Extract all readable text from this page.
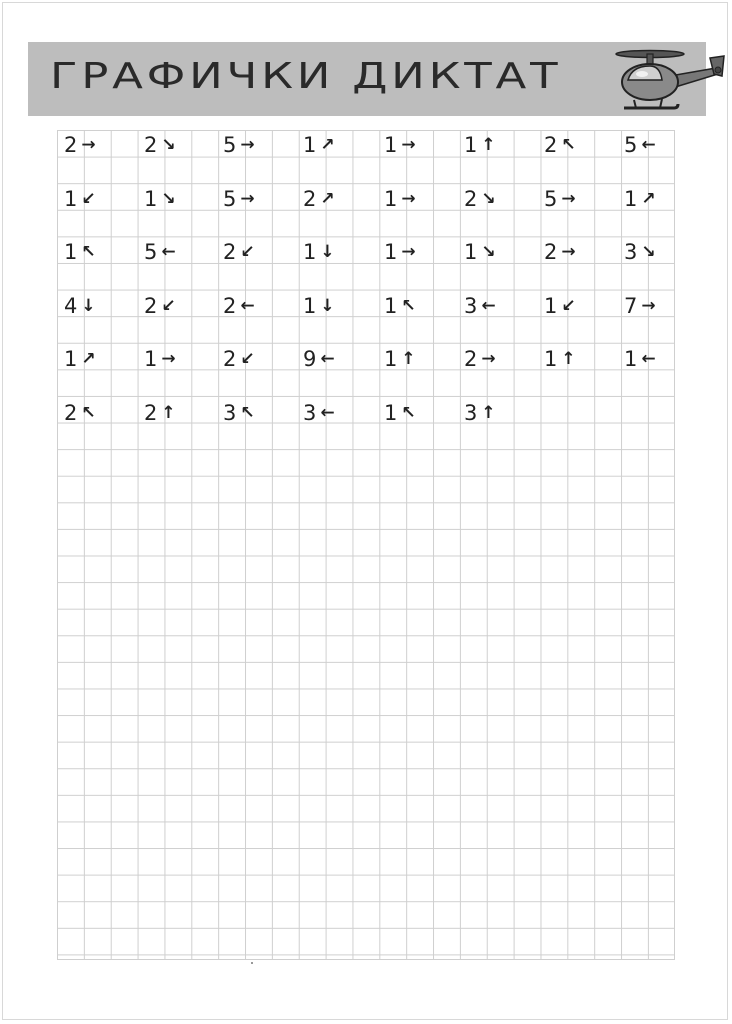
ГРАФИЧКИ ДИКТАТ
2 → 2 ↘ 5 → 1 ↗ 1 → 1 ↑ 2 ↖ 5 ←
1 ↙ 1 ↘ 5 → 2 ↗ 1 → 2 ↘ 5 → 1 ↗
1 ↖ 5 ← 2 ↙ 1 ↓ 1 → 1 ↘ 2 → 3 ↘
4 ↓ 2 ↙ 2 ← 1 ↓ 1 ↖ 3 ← 1 ↙ 7 →
1 ↗ 1 → 2 ↙ 9 ← 1 ↑ 2 → 1 ↑ 1 ←
2 ↖ 2 ↑ 3 ↖ 3 ← 1 ↖ 3 ↑
